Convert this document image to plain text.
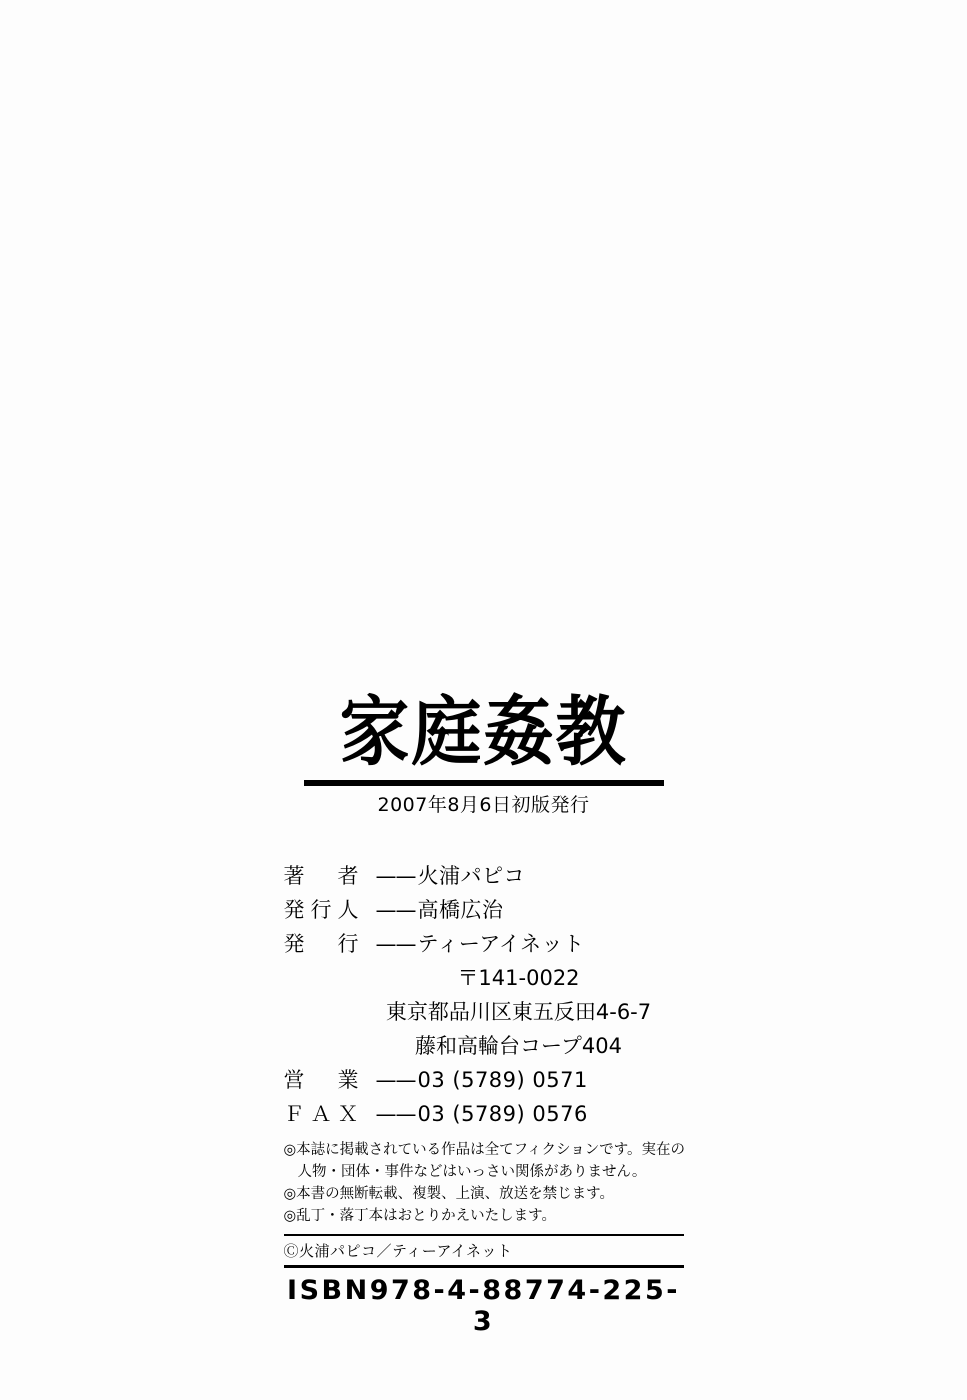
家庭姦教
2007年8月6日初版発行
著　者 —— 火浦パピコ
発行人 —— 高橋広治
発　行 —— ティーアイネット
〒141-0022
東京都品川区東五反田4-6-7
藤和高輪台コープ404
営　業 —— 03 (5789) 0571
ＦＡＸ —— 03 (5789) 0576
◎本誌に掲載されている作品は全てフィクションです。実在の
人物・団体・事件などはいっさい関係がありません。
◎本書の無断転載、複製、上演、放送を禁じます。
◎乱丁・落丁本はおとりかえいたします。
Ⓒ火浦パピコ／ティーアイネット
ISBN978-4-88774-225-3
